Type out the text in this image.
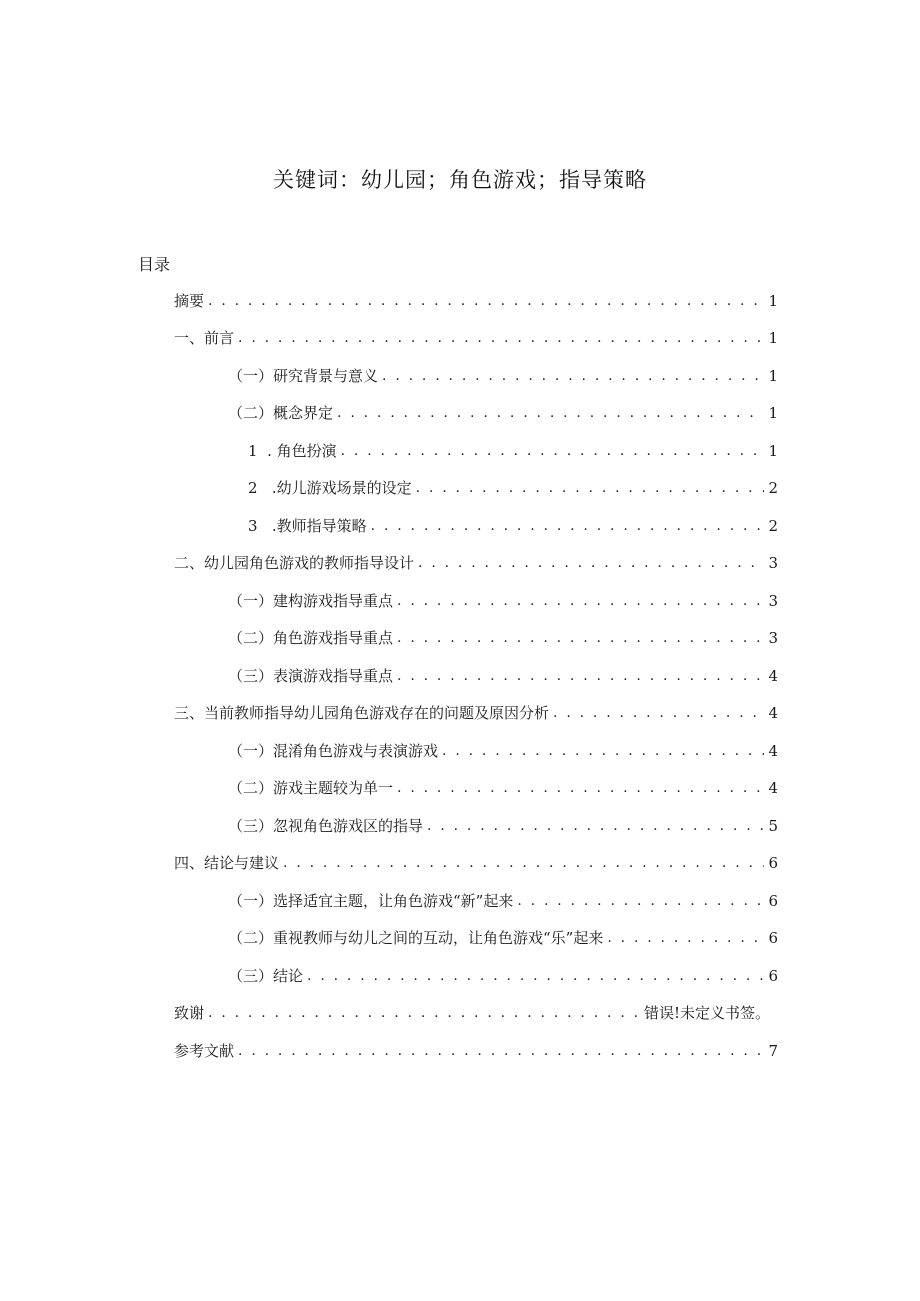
关键词：幼儿园；角色游戏；指导策略
目录
摘要 . . .	1
一、前言 . . .	1
（一）研究背景与意义 . . .	1
（二）概念界定 . . .	1
1  . 角色扮演 . . .	1
2   .幼儿游戏场景的设定 . . .	2
3   .教师指导策略 . . .	2
二、幼儿园角色游戏的教师指导设计 . . .	3
（一）建构游戏指导重点 . . .	3
（二）角色游戏指导重点 . . .	3
（三）表演游戏指导重点 . . .	4
三、当前教师指导幼儿园角色游戏存在的问题及原因分析 . . .	4
（一）混淆角色游戏与表演游戏 . . .	4
（二）游戏主题较为单一 . . .	4
（三）忽视角色游戏区的指导 . . .	5
四、结论与建议 . . .	6
（一）选择适宜主题，让角色游戏“新”起来 . . .	6
（二）重视教师与幼儿之间的互动，让角色游戏“乐”起来 . . .	6
（三）结论 . . .	6
致谢 . . .	错误!未定义书签。
参考文献 . . .	7
